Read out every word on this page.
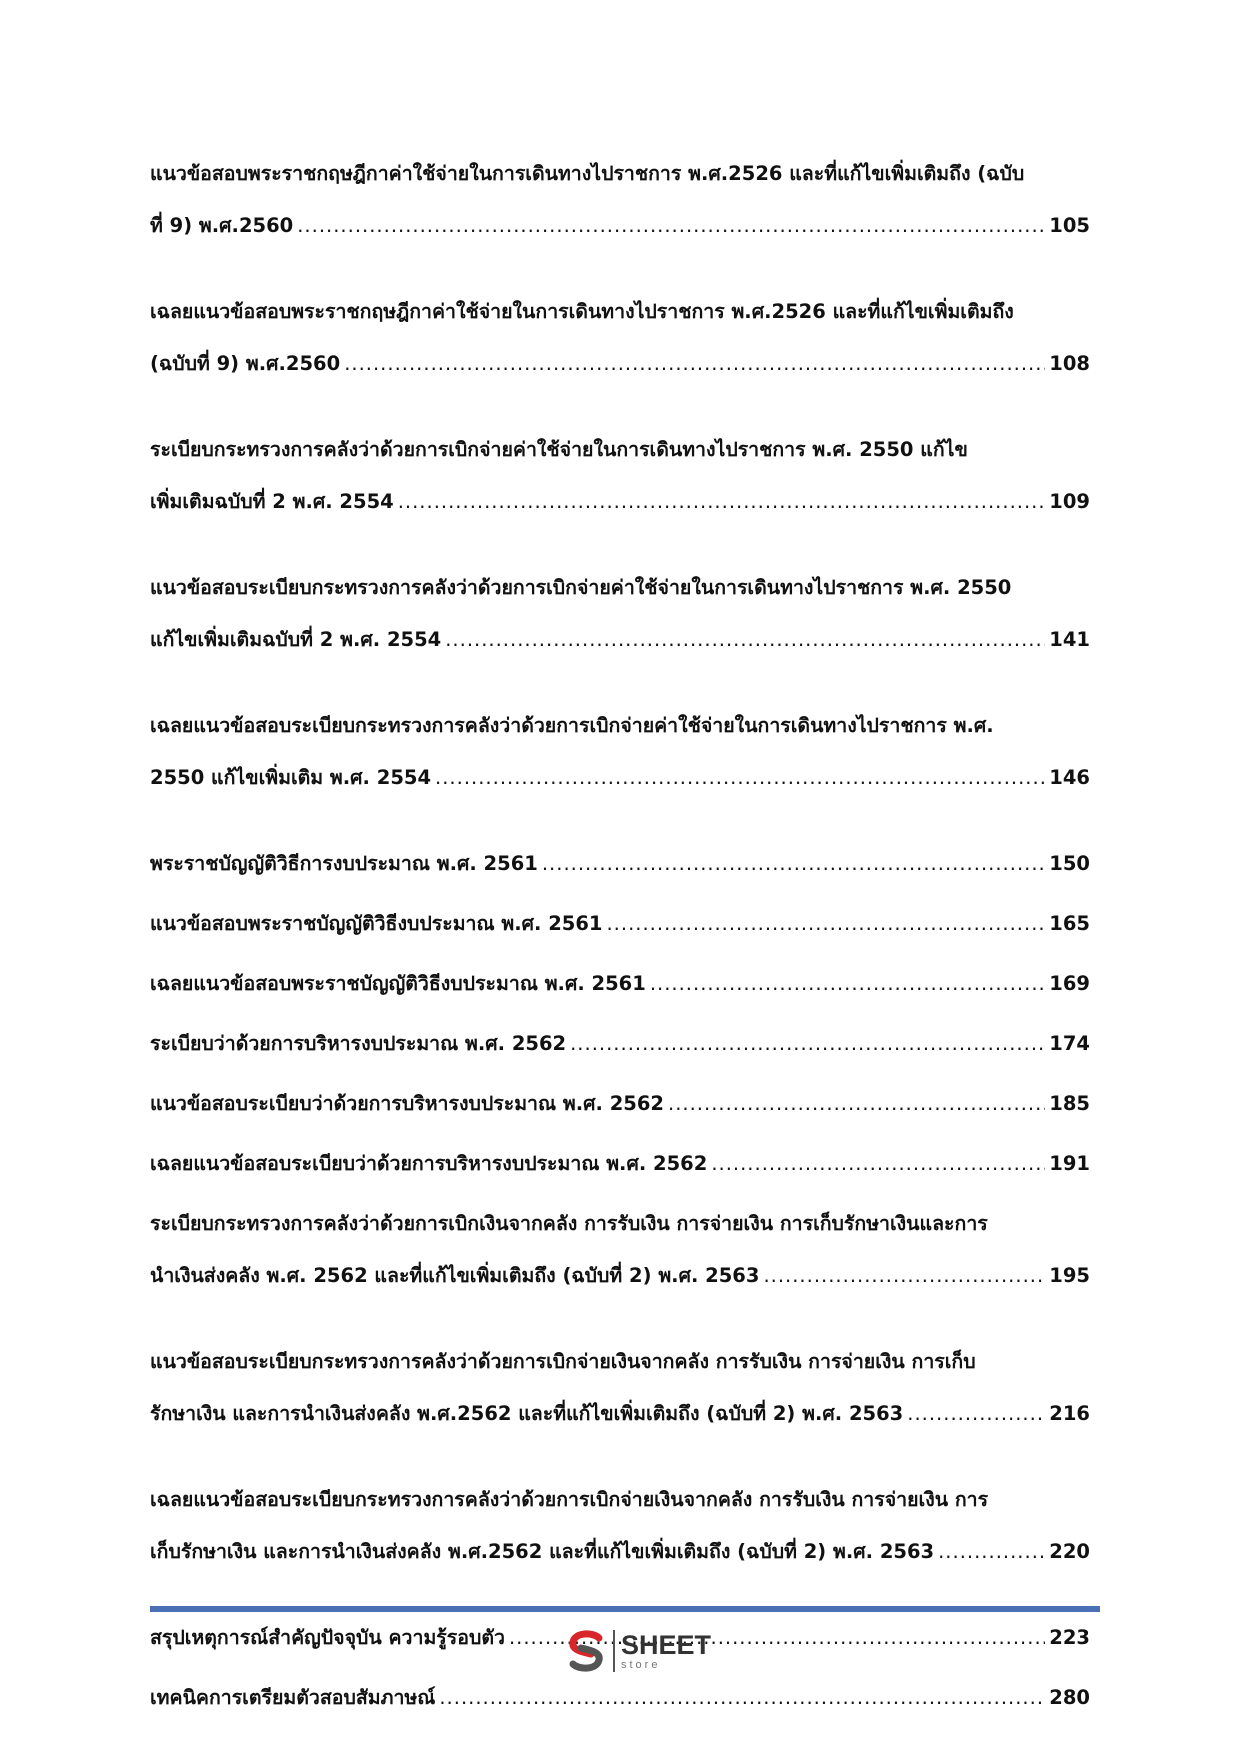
แนวข้อสอบพระราชกฤษฎีกาค่าใช้จ่ายในการเดินทางไปราชการ พ.ศ.2526 และที่แก้ไขเพิ่มเติมถึง (ฉบับ
ที่ 9) พ.ศ.2560 .....	105
เฉลยแนวข้อสอบพระราชกฤษฎีกาค่าใช้จ่ายในการเดินทางไปราชการ พ.ศ.2526 และที่แก้ไขเพิ่มเติมถึง
(ฉบับที่ 9) พ.ศ.2560 .....	108
ระเบียบกระทรวงการคลังว่าด้วยการเบิกจ่ายค่าใช้จ่ายในการเดินทางไปราชการ พ.ศ. 2550 แก้ไข
เพิ่มเติมฉบับที่ 2 พ.ศ. 2554 .....	109
แนวข้อสอบระเบียบกระทรวงการคลังว่าด้วยการเบิกจ่ายค่าใช้จ่ายในการเดินทางไปราชการ พ.ศ. 2550
แก้ไขเพิ่มเติมฉบับที่ 2 พ.ศ. 2554 .....	141
เฉลยแนวข้อสอบระเบียบกระทรวงการคลังว่าด้วยการเบิกจ่ายค่าใช้จ่ายในการเดินทางไปราชการ พ.ศ.
2550 แก้ไขเพิ่มเติม พ.ศ. 2554 .....	146
พระราชบัญญัติวิธีการงบประมาณ พ.ศ. 2561 .....	150
แนวข้อสอบพระราชบัญญัติวิธีงบประมาณ พ.ศ. 2561 .....	165
เฉลยแนวข้อสอบพระราชบัญญัติวิธีงบประมาณ พ.ศ. 2561 .....	169
ระเบียบว่าด้วยการบริหารงบประมาณ พ.ศ. 2562 .....	174
แนวข้อสอบระเบียบว่าด้วยการบริหารงบประมาณ พ.ศ. 2562 .....	185
เฉลยแนวข้อสอบระเบียบว่าด้วยการบริหารงบประมาณ พ.ศ. 2562 .....	191
ระเบียบกระทรวงการคลังว่าด้วยการเบิกเงินจากคลัง การรับเงิน การจ่ายเงิน การเก็บรักษาเงินและการ
นำเงินส่งคลัง พ.ศ. 2562 และที่แก้ไขเพิ่มเติมถึง (ฉบับที่ 2) พ.ศ. 2563 .....	195
แนวข้อสอบระเบียบกระทรวงการคลังว่าด้วยการเบิกจ่ายเงินจากคลัง การรับเงิน การจ่ายเงิน การเก็บ
รักษาเงิน และการนำเงินส่งคลัง พ.ศ.2562 และที่แก้ไขเพิ่มเติมถึง (ฉบับที่ 2) พ.ศ. 2563 .....	216
เฉลยแนวข้อสอบระเบียบกระทรวงการคลังว่าด้วยการเบิกจ่ายเงินจากคลัง การรับเงิน การจ่ายเงิน การ
เก็บรักษาเงิน และการนำเงินส่งคลัง พ.ศ.2562 และที่แก้ไขเพิ่มเติมถึง (ฉบับที่ 2) พ.ศ. 2563 .....	220
สรุปเหตุการณ์สำคัญปัจจุบัน ความรู้รอบตัว .....	223
เทคนิคการเตรียมตัวสอบสัมภาษณ์ .....	280
SHEET
store
